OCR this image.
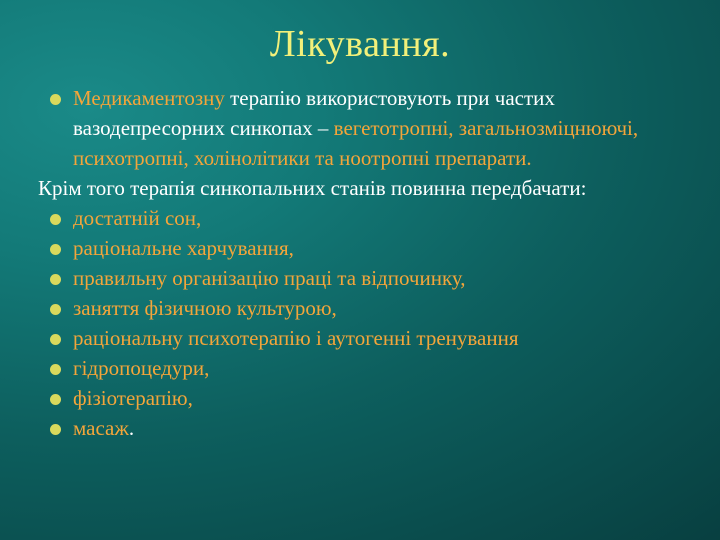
Лікування.
Медикаментозну терапію використовують при частих вазодепресорних синкопах – вегетотропні, загальнозміцнюючі, психотропні, холінолітики та ноотропні препарати.
Крім того терапія синкопальних станів повинна передбачати:
достатній сон,
раціональне харчування,
правильну організацію праці та відпочинку,
заняття фізичною культурою,
раціональну психотерапію і аутогенні тренування
гідропоцедури,
фізіотерапію,
масаж.
